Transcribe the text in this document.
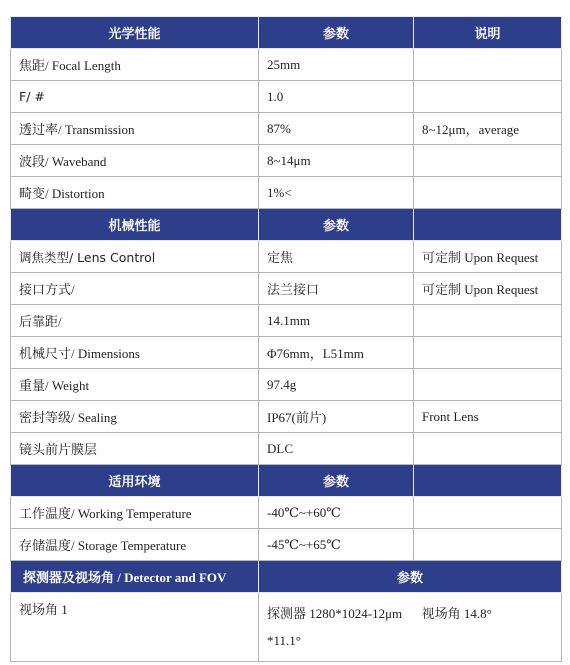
光学性能	参数	说明
焦距/ Focal Length	25mm	
F/ #	1.0	
透过率/ Transmission	87%	8~12μm，average
波段/ Waveband	8~14μm	
畸变/ Distortion	1%<	
机械性能	参数	
调焦类型/ Lens Control	定焦	可定制 Upon Request
接口方式/	法兰接口	可定制 Upon Request
后靠距/	14.1mm	
机械尺寸/ Dimensions	Φ76mm，L51mm	
重量/ Weight	97.4g	
密封等级/ Sealing	IP67(前片)	Front Lens
镜头前片膜层	DLC	
适用环境	参数	
工作温度/ Working Temperature	-40℃~+60℃	
存储温度/ Storage Temperature	-45℃~+65℃	
探测器及视场角 / Detector and FOV	参数	
视场角 1	探测器 1280*1024-12μm      视场角 14.8°
*11.1°	
